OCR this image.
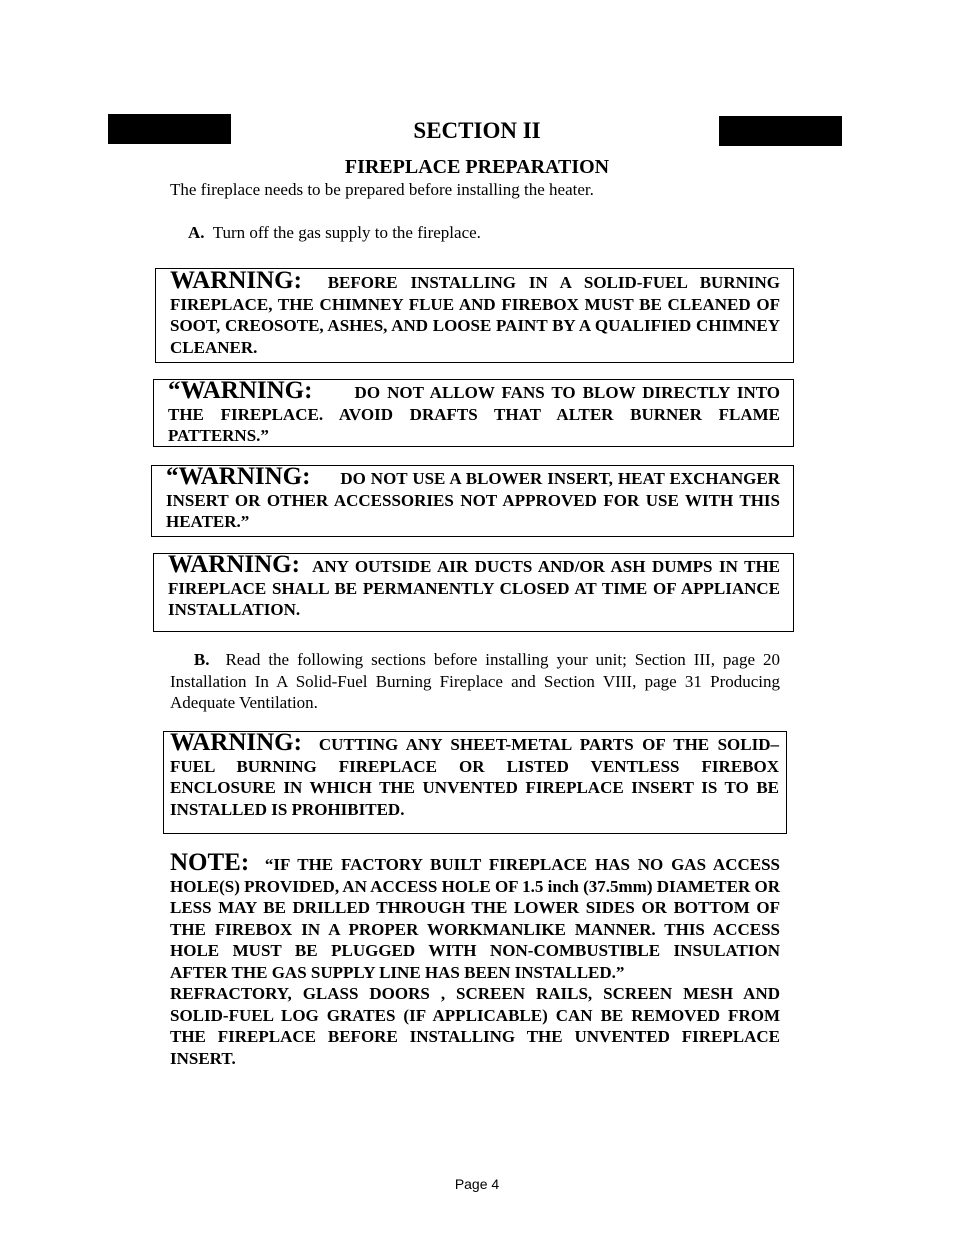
SECTION II
FIREPLACE PREPARATION

The fireplace needs to be prepared before installing the heater.

A. Turn off the gas supply to the fireplace.

WARNING: BEFORE INSTALLING IN A SOLID-FUEL BURNING FIREPLACE, THE CHIMNEY FLUE AND FIREBOX MUST BE CLEANED OF SOOT, CREOSOTE, ASHES, AND LOOSE PAINT BY A QUALIFIED CHIMNEY CLEANER.

“WARNING: DO NOT ALLOW FANS TO BLOW DIRECTLY INTO THE FIREPLACE. AVOID DRAFTS THAT ALTER BURNER FLAME PATTERNS.”

“WARNING: DO NOT USE A BLOWER INSERT, HEAT EXCHANGER INSERT OR OTHER ACCESSORIES NOT APPROVED FOR USE WITH THIS HEATER.”

WARNING: ANY OUTSIDE AIR DUCTS AND/OR ASH DUMPS IN THE FIREPLACE SHALL BE PERMANENTLY CLOSED AT TIME OF APPLIANCE INSTALLATION.

B. Read the following sections before installing your unit; Section III, page 20 Installation In A Solid-Fuel Burning Fireplace and Section VIII, page 31 Producing Adequate Ventilation.

WARNING: CUTTING ANY SHEET-METAL PARTS OF THE SOLID–FUEL BURNING FIREPLACE OR LISTED VENTLESS FIREBOX ENCLOSURE IN WHICH THE UNVENTED FIREPLACE INSERT IS TO BE INSTALLED IS PROHIBITED.

NOTE: “IF THE FACTORY BUILT FIREPLACE HAS NO GAS ACCESS HOLE(S) PROVIDED, AN ACCESS HOLE OF 1.5 inch (37.5mm) DIAMETER OR LESS MAY BE DRILLED THROUGH THE LOWER SIDES OR BOTTOM OF THE FIREBOX IN A PROPER WORKMANLIKE MANNER. THIS ACCESS HOLE MUST BE PLUGGED WITH NON-COMBUSTIBLE INSULATION AFTER THE GAS SUPPLY LINE HAS BEEN INSTALLED.”

REFRACTORY, GLASS DOORS , SCREEN RAILS, SCREEN MESH AND SOLID-FUEL LOG GRATES (IF APPLICABLE) CAN BE REMOVED FROM THE FIREPLACE BEFORE INSTALLING THE UNVENTED FIREPLACE INSERT.

Page 4
